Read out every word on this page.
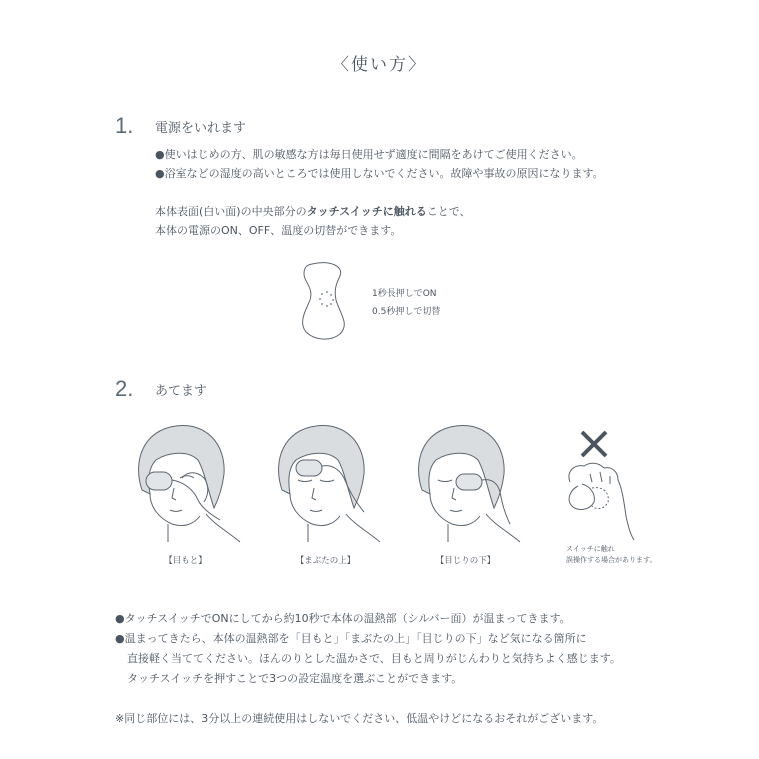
〈使い方〉
1. 電源をいれます
●使いはじめの方、肌の敏感な方は毎日使用せず適度に間隔をあけてご使用ください。
●浴室などの湿度の高いところでは使用しないでください。故障や事故の原因になります。
本体表面(白い面)の中央部分のタッチスイッチに触れることで、
本体の電源のON、OFF、温度の切替ができます。
1秒長押しでON
0.5秒押しで切替
2. あてます
【目もと】	【まぶたの上】	【目じりの下】
スイッチに触れ
誤操作する場合があります。
●タッチスイッチでONにしてから約10秒で本体の温熱部（シルバー面）が温まってきます。
●温まってきたら、本体の温熱部を「目もと」「まぶたの上」「目じりの下」など気になる箇所に
直接軽く当ててください。ほんのりとした温かさで、目もと周りがじんわりと気持ちよく感じます。
タッチスイッチを押すことで3つの設定温度を選ぶことができます。
※同じ部位には、3分以上の連続使用はしないでください、低温やけどになるおそれがございます。
